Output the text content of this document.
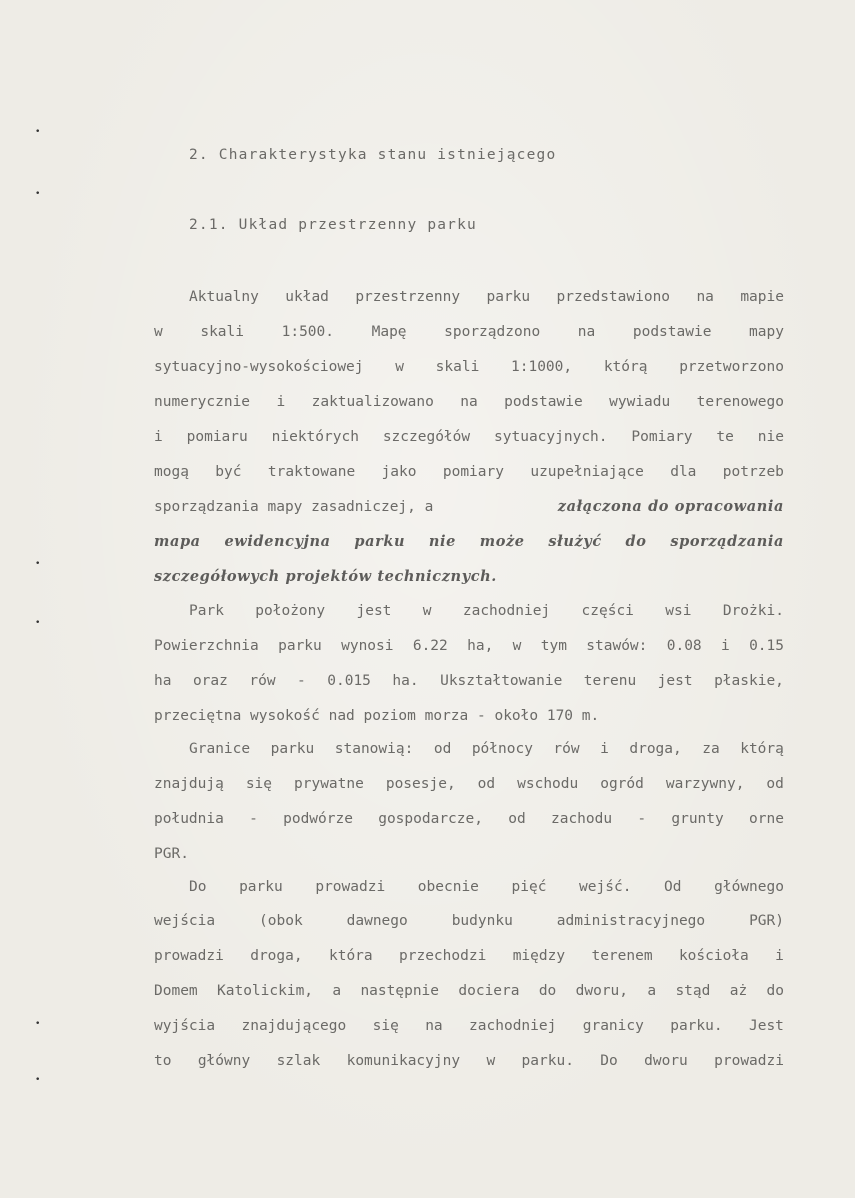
•
•
•
•
•
•
2. Charakterystyka stanu istniejącego
2.1. Układ przestrzenny parku
Aktualny układ przestrzenny parku przedstawiono na mapie
w	skali	1:500.	Mapę	sporządzono	na	podstawie	mapy
sytuacyjno-wysokościowej w skali 1:1000, którą przetworzono
numerycznie i zaktualizowano na podstawie wywiadu terenowego
i pomiaru niektórych szczegółów sytuacyjnych. Pomiary te nie
mogą być traktowane jako pomiary uzupełniające dla potrzeb
sporządzania mapy zasadniczej, a	załączona do opracowania
mapa ewidencyjna parku nie może służyć do sporządzania
szczegółowych projektów technicznych.
Park położony jest w zachodniej części wsi Drożki.
Powierzchnia parku wynosi 6.22 ha, w tym stawów: 0.08 i 0.15
ha oraz rów - 0.015 ha. Ukształtowanie terenu jest płaskie,
przeciętna wysokość nad poziom morza - około 170 m.
Granice parku stanowią: od północy rów i droga, za którą
znajdują się prywatne posesje, od wschodu ogród warzywny, od
południa - podwórze gospodarcze, od zachodu - grunty orne
PGR.
Do parku prowadzi obecnie pięć wejść. Od głównego
wejścia	(obok	dawnego	budynku	administracyjnego	PGR)
prowadzi droga, która przechodzi między terenem kościoła i
Domem Katolickim, a następnie dociera do dworu, a stąd aż do
wyjścia znajdującego się na zachodniej granicy parku. Jest
to główny szlak komunikacyjny w parku. Do dworu prowadzi
